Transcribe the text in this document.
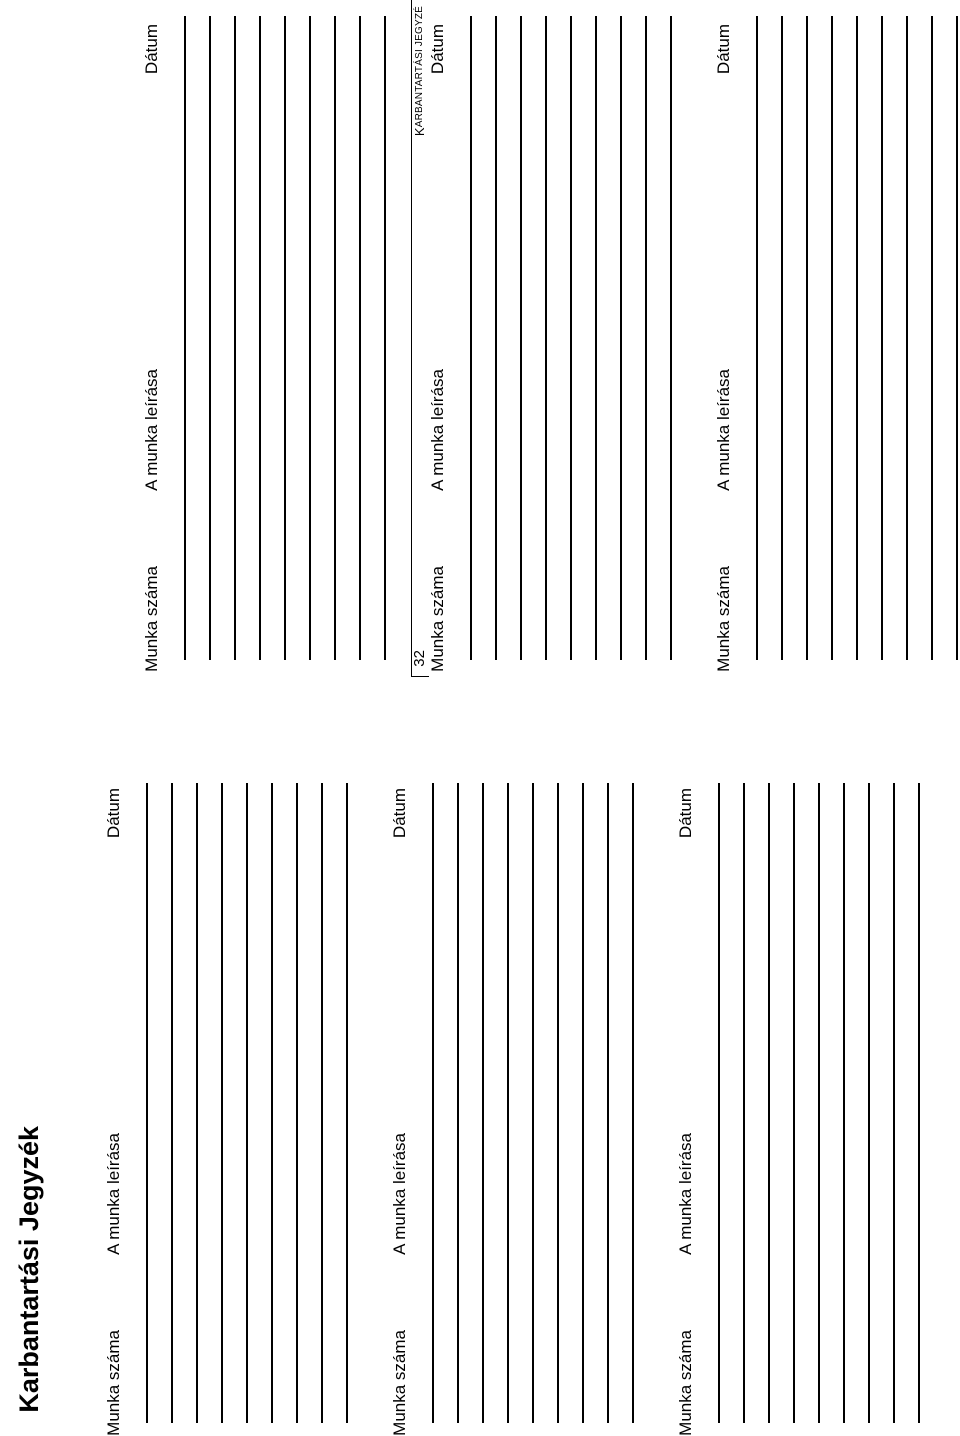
Karbantartási Jegyzék	Munka száma
A munka leírása
Dátum
Munka száma
A munka leírása
Dátum
Munka száma
A munka leírása
Dátum
32
KARBANTARTÁSI JEGYZÉ
Munka száma
A munka leírása
Dátum
Munka száma
A munka leírása
Dátum
Munka száma
A munka leírása
Dátum
